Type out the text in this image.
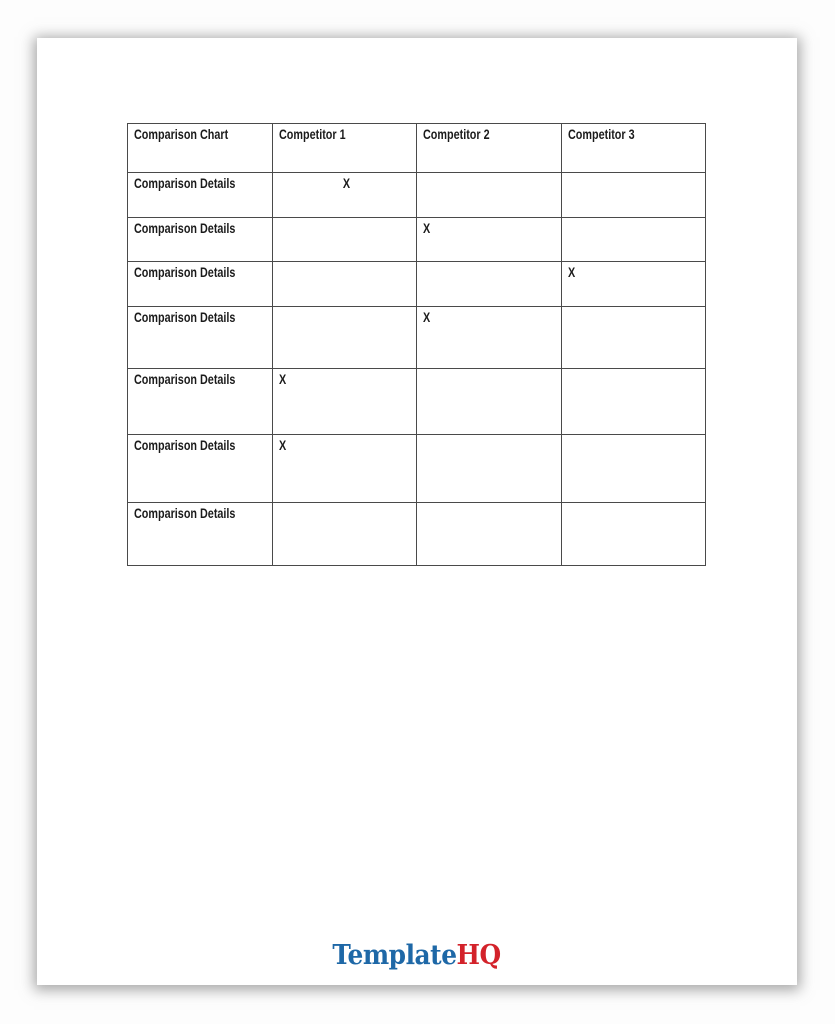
Comparison Chart	Competitor 1	Competitor 2	Competitor 3
Comparison Details	X		
Comparison Details		X	
Comparison Details			X
Comparison Details		X	
Comparison Details	X		
Comparison Details	X		
Comparison Details			
TemplateHQ
